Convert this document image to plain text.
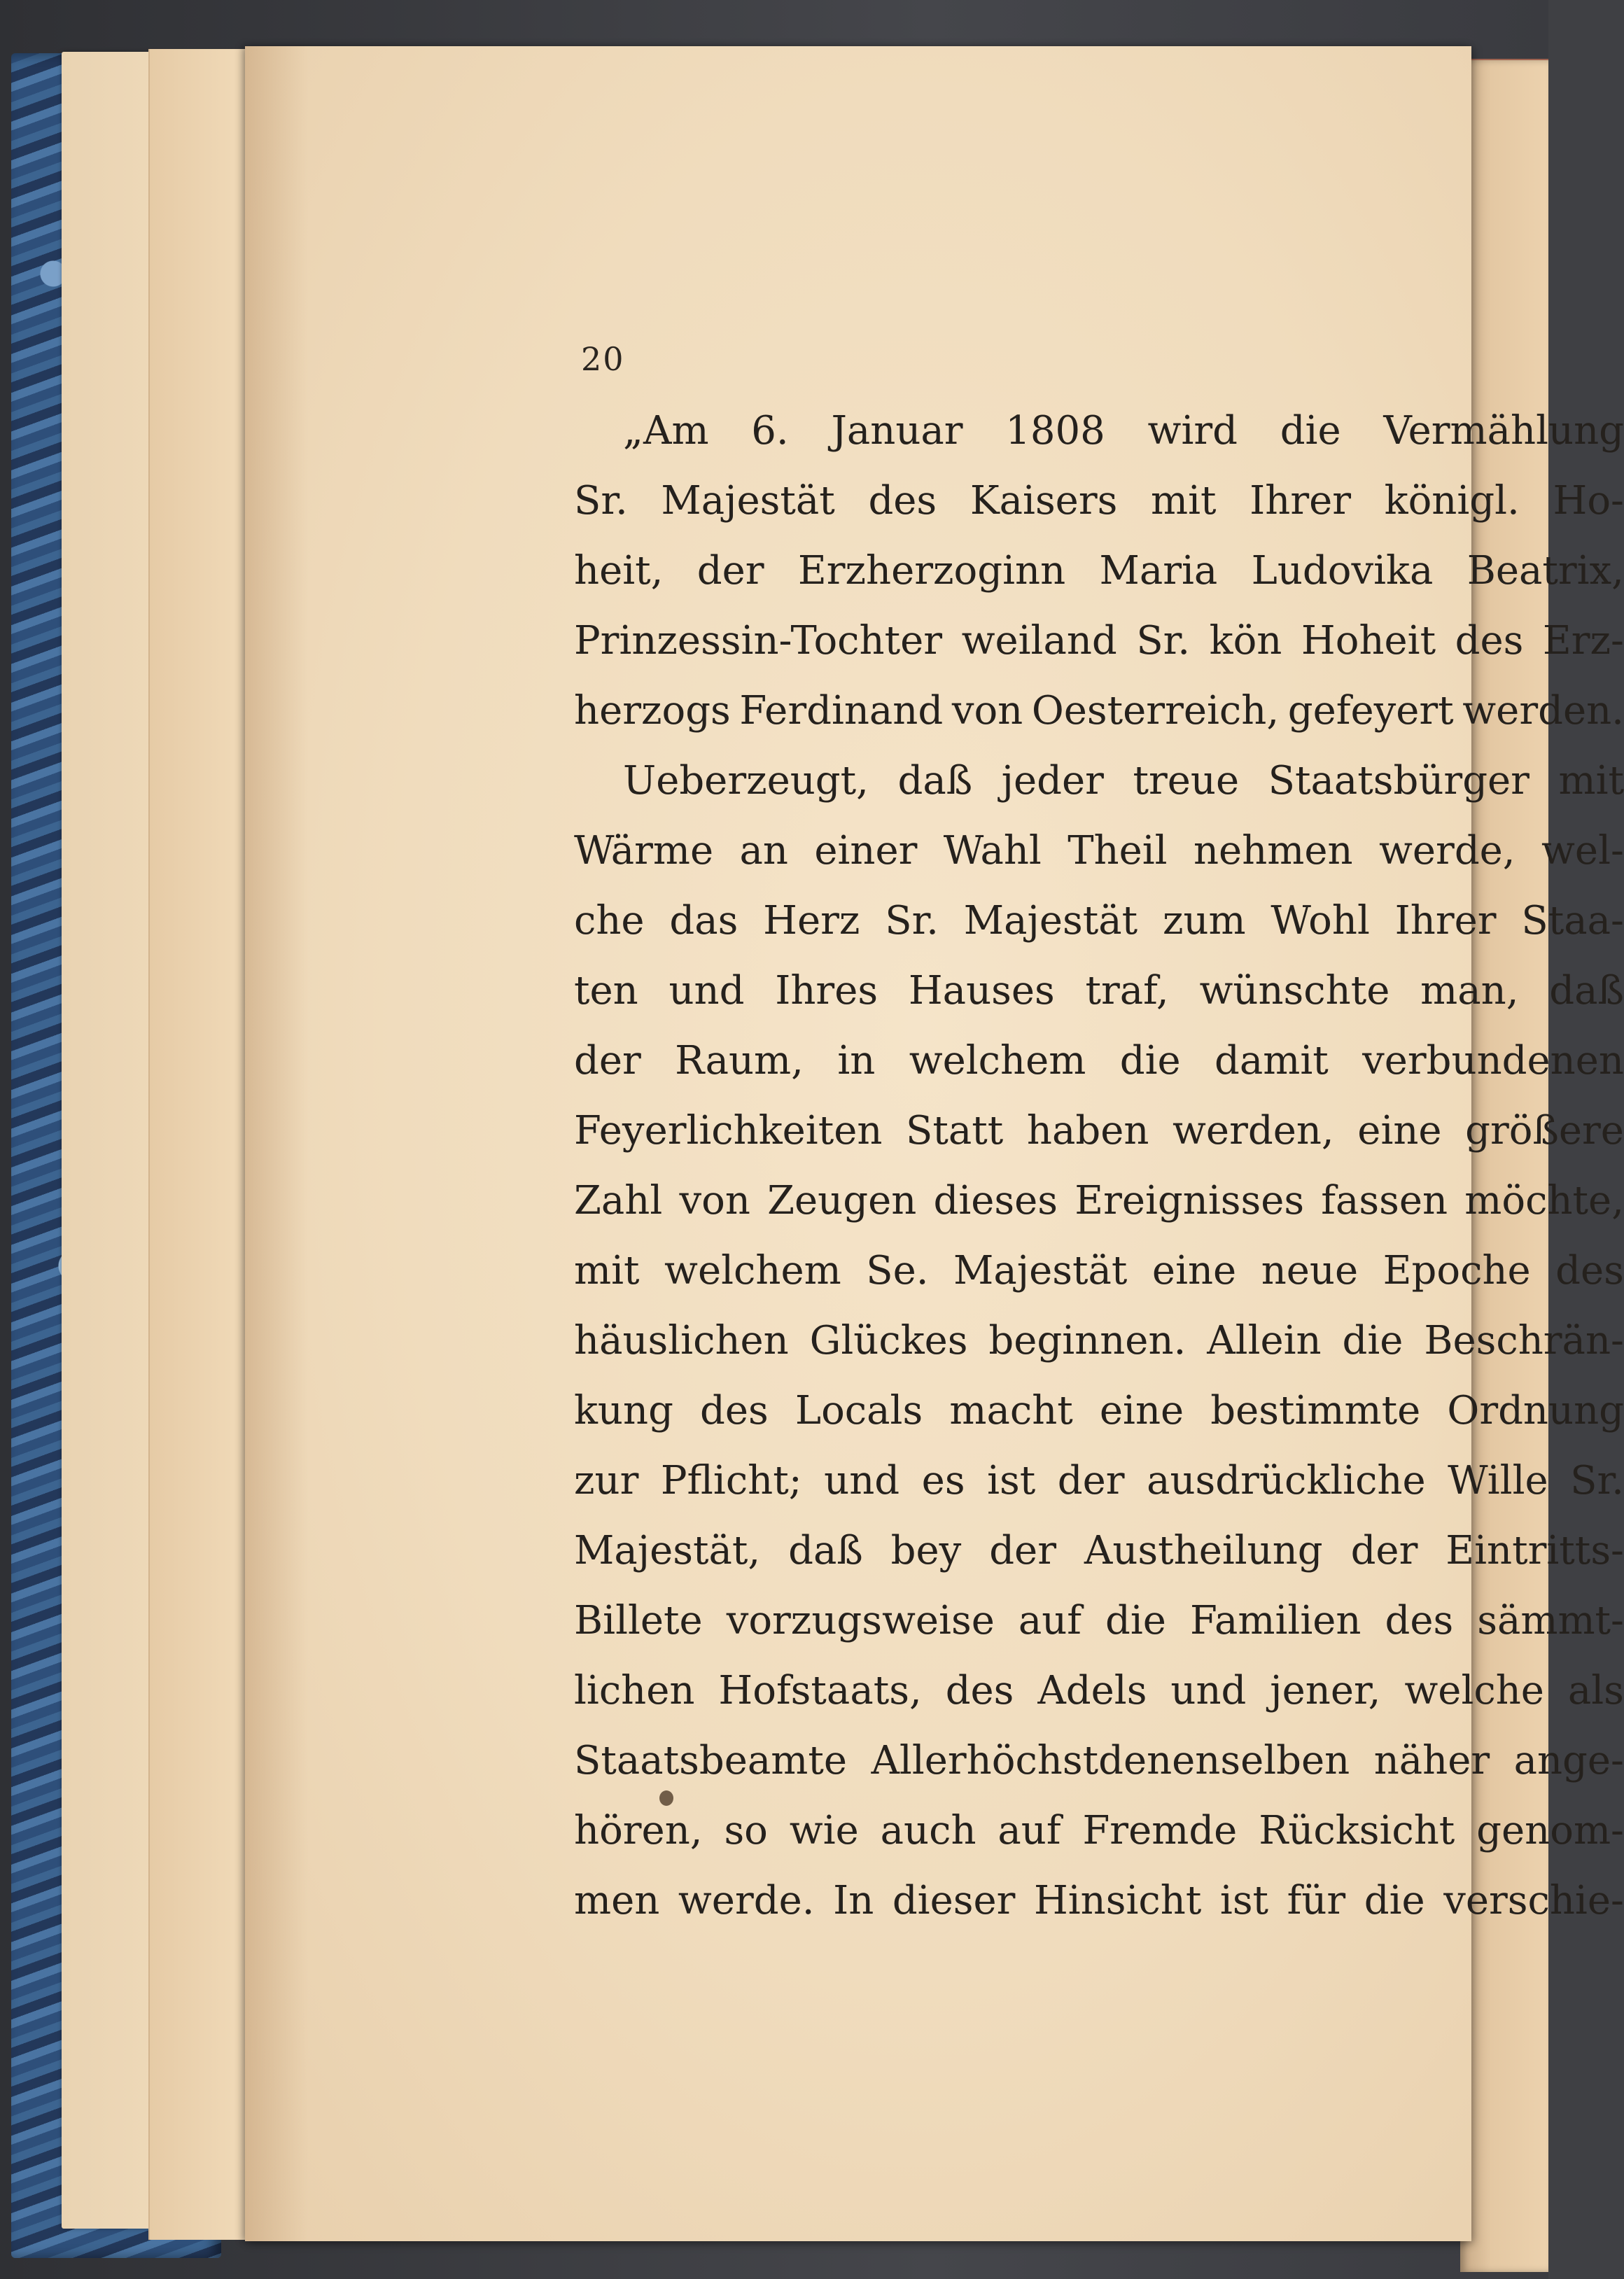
20
„Am 6. Januar 1808 wird die Vermählung
Sr. Majestät des Kaisers mit Ihrer königl. Ho-
heit, der Erzherzoginn Maria Ludovika Beatrix,
Prinzessin-Tochter weiland Sr. kön Hoheit des Erz-
herzogs Ferdinand von Oesterreich, gefeyert werden.
Ueberzeugt, daß jeder treue Staatsbürger mit
Wärme an einer Wahl Theil nehmen werde, wel-
che das Herz Sr. Majestät zum Wohl Ihrer Staa-
ten und Ihres Hauses traf, wünschte man, daß
der Raum, in welchem die damit verbundenen
Feyerlichkeiten Statt haben werden, eine größere
Zahl von Zeugen dieses Ereignisses fassen möchte,
mit welchem Se. Majestät eine neue Epoche des
häuslichen Glückes beginnen. Allein die Beschrän-
kung des Locals macht eine bestimmte Ordnung
zur Pflicht; und es ist der ausdrückliche Wille Sr.
Majestät, daß bey der Austheilung der Eintritts-
Billete vorzugsweise auf die Familien des sämmt-
lichen Hofstaats, des Adels und jener, welche als
Staatsbeamte Allerhöchstdenenselben näher ange-
hören, so wie auch auf Fremde Rücksicht genom-
men werde. In dieser Hinsicht ist für die verschie-
